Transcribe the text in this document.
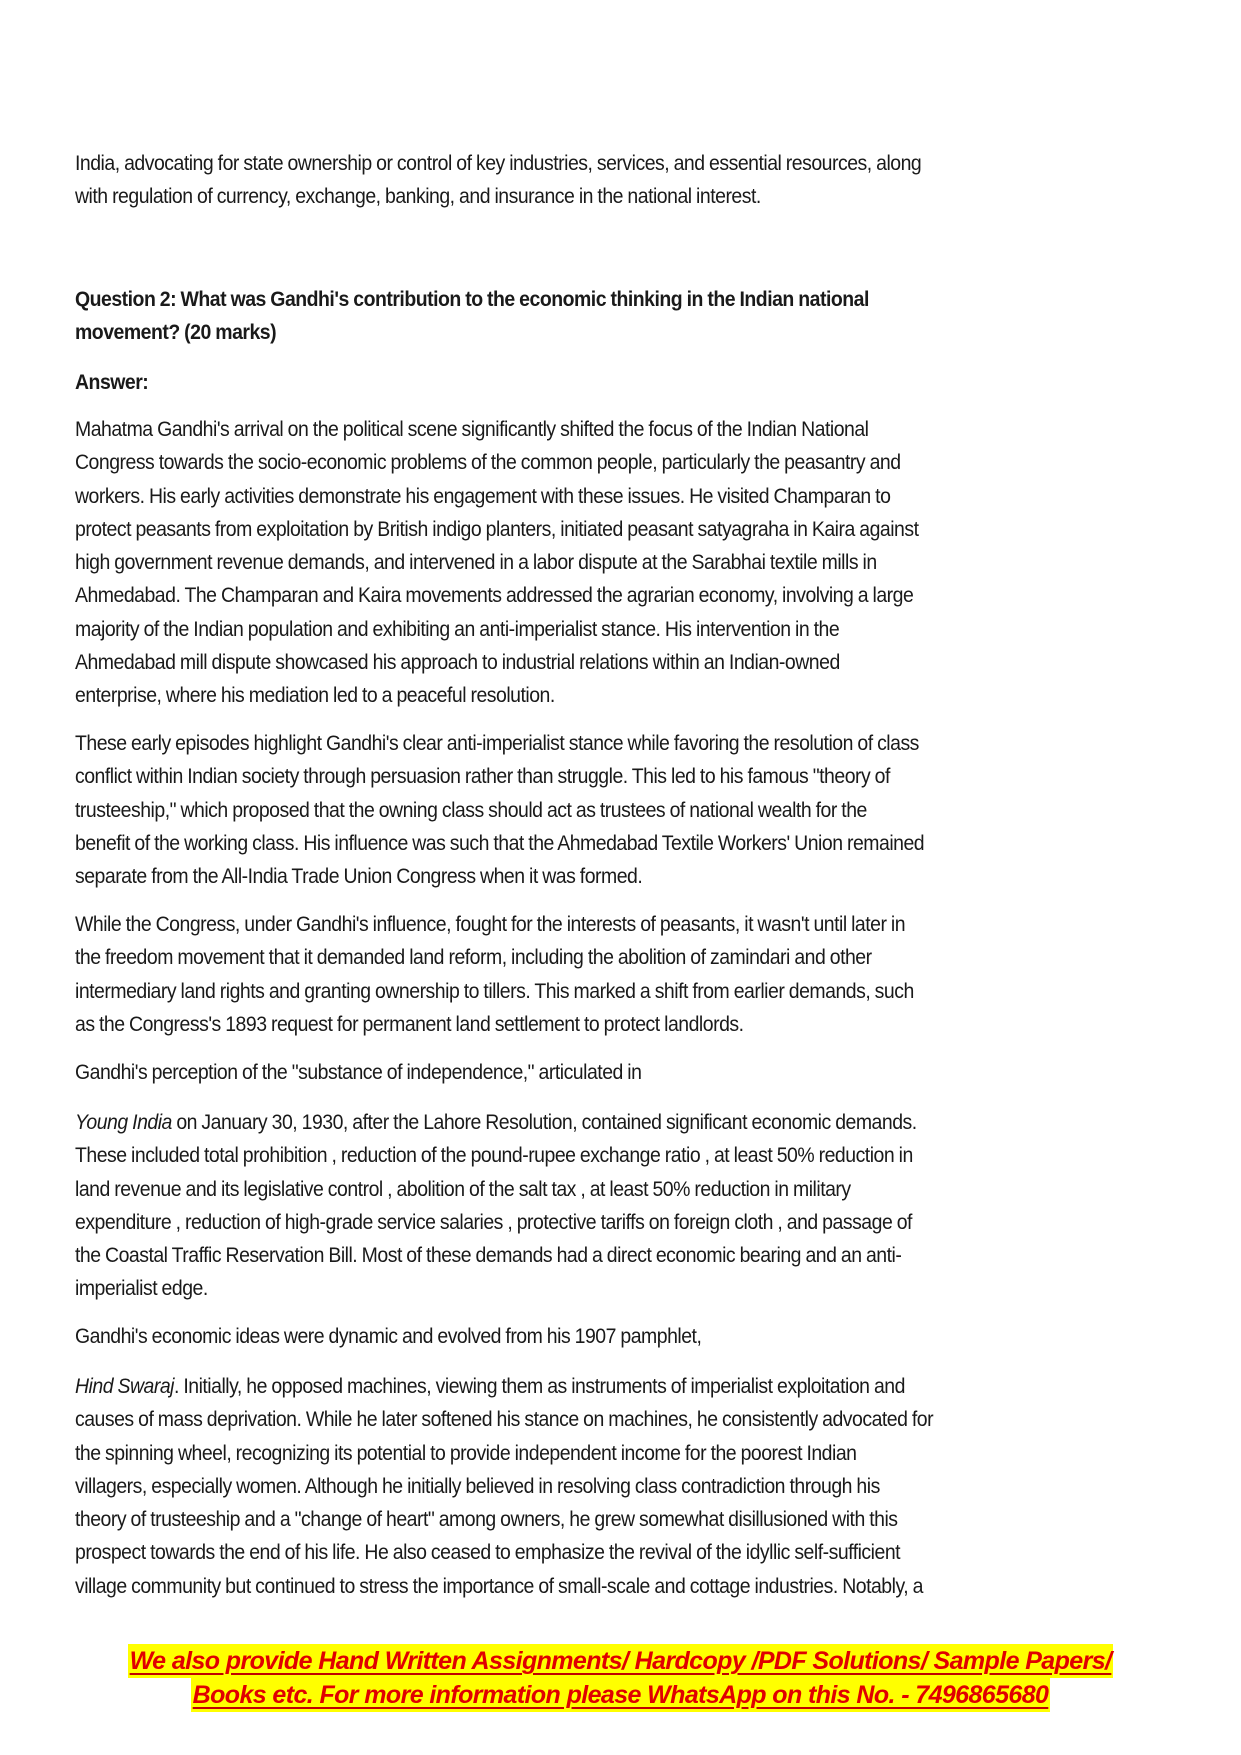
India, advocating for state ownership or control of key industries, services, and essential resources, along
with regulation of currency, exchange, banking, and insurance in the national interest.
Question 2: What was Gandhi's contribution to the economic thinking in the Indian national
movement? (20 marks)
Answer:
Mahatma Gandhi's arrival on the political scene significantly shifted the focus of the Indian National
Congress towards the socio-economic problems of the common people, particularly the peasantry and
workers. His early activities demonstrate his engagement with these issues. He visited Champaran to
protect peasants from exploitation by British indigo planters, initiated peasant satyagraha in Kaira against
high government revenue demands, and intervened in a labor dispute at the Sarabhai textile mills in
Ahmedabad. The Champaran and Kaira movements addressed the agrarian economy, involving a large
majority of the Indian population and exhibiting an anti-imperialist stance. His intervention in the
Ahmedabad mill dispute showcased his approach to industrial relations within an Indian-owned
enterprise, where his mediation led to a peaceful resolution.
These early episodes highlight Gandhi's clear anti-imperialist stance while favoring the resolution of class
conflict within Indian society through persuasion rather than struggle. This led to his famous "theory of
trusteeship," which proposed that the owning class should act as trustees of national wealth for the
benefit of the working class. His influence was such that the Ahmedabad Textile Workers' Union remained
separate from the All-India Trade Union Congress when it was formed.
While the Congress, under Gandhi's influence, fought for the interests of peasants, it wasn't until later in
the freedom movement that it demanded land reform, including the abolition of zamindari and other
intermediary land rights and granting ownership to tillers. This marked a shift from earlier demands, such
as the Congress's 1893 request for permanent land settlement to protect landlords.
Gandhi's perception of the "substance of independence," articulated in
Young India on January 30, 1930, after the Lahore Resolution, contained significant economic demands.
These included total prohibition , reduction of the pound-rupee exchange ratio , at least 50% reduction in
land revenue and its legislative control , abolition of the salt tax , at least 50% reduction in military
expenditure , reduction of high-grade service salaries , protective tariffs on foreign cloth , and passage of
the Coastal Traffic Reservation Bill. Most of these demands had a direct economic bearing and an anti-
imperialist edge.
Gandhi's economic ideas were dynamic and evolved from his 1907 pamphlet,
Hind Swaraj. Initially, he opposed machines, viewing them as instruments of imperialist exploitation and
causes of mass deprivation. While he later softened his stance on machines, he consistently advocated for
the spinning wheel, recognizing its potential to provide independent income for the poorest Indian
villagers, especially women. Although he initially believed in resolving class contradiction through his
theory of trusteeship and a "change of heart" among owners, he grew somewhat disillusioned with this
prospect towards the end of his life. He also ceased to emphasize the revival of the idyllic self-sufficient
village community but continued to stress the importance of small-scale and cottage industries. Notably, a
We also provide Hand Written Assignments/ Hardcopy /PDF Solutions/ Sample Papers/
Books etc. For more information please WhatsApp on this No. - 7496865680
